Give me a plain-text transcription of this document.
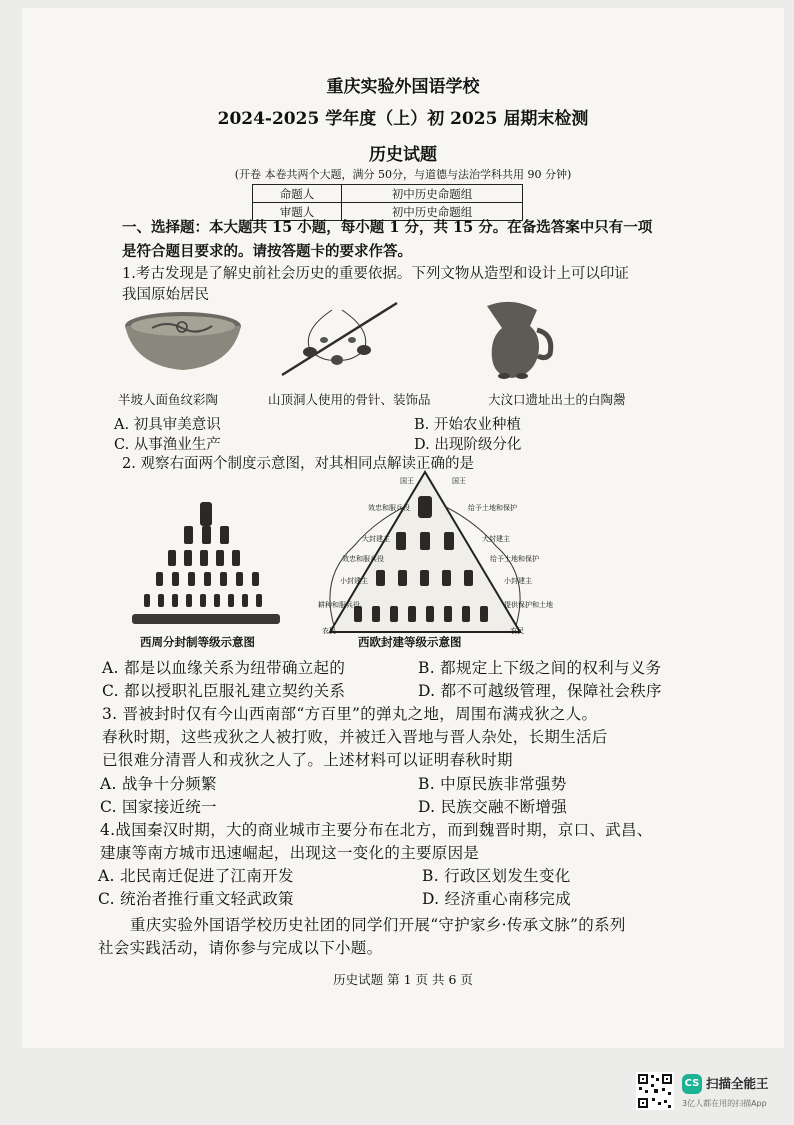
重庆实验外国语学校
2024-2025 学年度（上）初 2025 届期末检测
历史试题
(开卷 本卷共两个大题，满分 50分，与道德与法治学科共用 90 分钟)
命题人	初中历史命题组
审题人	初中历史命题组
一、选择题：本大题共 15 小题，每小题 1 分，共 15 分。在备选答案中只有一项
是符合题目要求的。请按答题卡的要求作答。
1.考古发现是了解史前社会历史的重要依据。下列文物从造型和设计上可以印证
我国原始居民
半坡人面鱼纹彩陶	山顶洞人使用的骨针、装饰品	大汶口遗址出土的白陶鬶
A. 初具审美意识	B. 开始农业种植
C. 从事渔业生产	D. 出现阶级分化
2. 观察右面两个制度示意图，对其相同点解读正确的是
西周分封制等级示意图
国王	国王
效忠和服兵役	给予土地和保护
大封建主	大封建主
效忠和服兵役	给予土地和保护
小封建主	小封建主
耕种和服兵役	提供保护和土地
农民	农民
西欧封建等级示意图
A. 都是以血缘关系为纽带确立起的	B. 都规定上下级之间的权利与义务
C. 都以授职礼臣服礼建立契约关系	D. 都不可越级管理，保障社会秩序
3. 晋被封时仅有今山西南部“方百里”的弹丸之地，周围布满戎狄之人。
春秋时期，这些戎狄之人被打败，并被迁入晋地与晋人杂处，长期生活后
已很难分清晋人和戎狄之人了。上述材料可以证明春秋时期
A. 战争十分频繁	B. 中原民族非常强势
C. 国家接近统一	D. 民族交融不断增强
4.战国秦汉时期，大的商业城市主要分布在北方，而到魏晋时期，京口、武昌、
建康等南方城市迅速崛起，出现这一变化的主要原因是
A. 北民南迁促进了江南开发	B. 行政区划发生变化
C. 统治者推行重文轻武政策	D. 经济重心南移完成
重庆实验外国语学校历史社团的同学们开展“守护家乡·传承文脉”的系列
社会实践活动，请你参与完成以下小题。
历史试题 第 1 页 共 6 页
CS 扫描全能王
3亿人都在用的扫描App
